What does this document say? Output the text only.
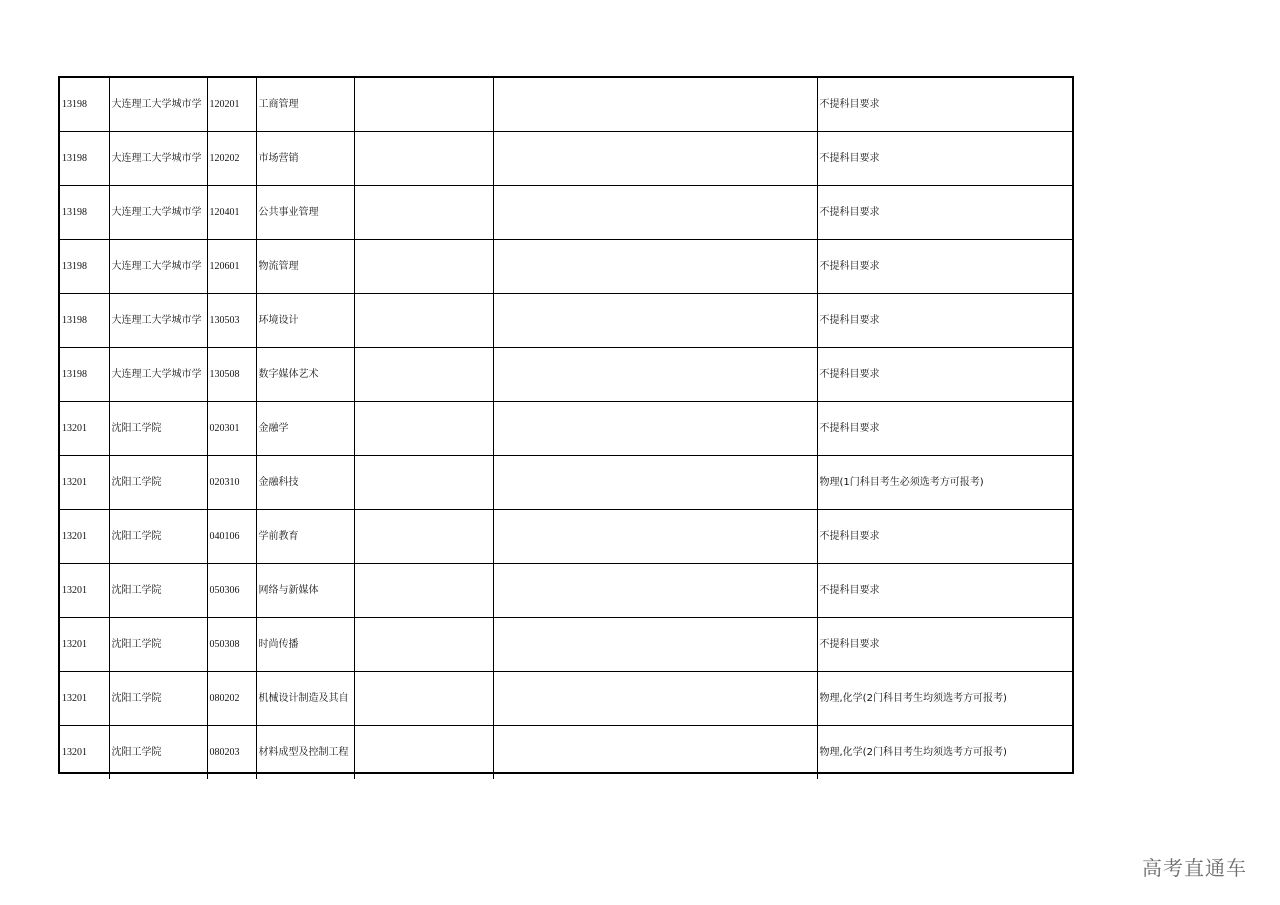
13198	大连理工大学城市学	120201	工商管理			不提科目要求
13198	大连理工大学城市学	120202	市场营销			不提科目要求
13198	大连理工大学城市学	120401	公共事业管理			不提科目要求
13198	大连理工大学城市学	120601	物流管理			不提科目要求
13198	大连理工大学城市学	130503	环境设计			不提科目要求
13198	大连理工大学城市学	130508	数字媒体艺术			不提科目要求
13201	沈阳工学院	020301	金融学			不提科目要求
13201	沈阳工学院	020310	金融科技			物理(1门科目考生必须选考方可报考)
13201	沈阳工学院	040106	学前教育			不提科目要求
13201	沈阳工学院	050306	网络与新媒体			不提科目要求
13201	沈阳工学院	050308	时尚传播			不提科目要求
13201	沈阳工学院	080202	机械设计制造及其自			物理,化学(2门科目考生均须选考方可报考)
13201	沈阳工学院	080203	材料成型及控制工程			物理,化学(2门科目考生均须选考方可报考)
高考直通车
